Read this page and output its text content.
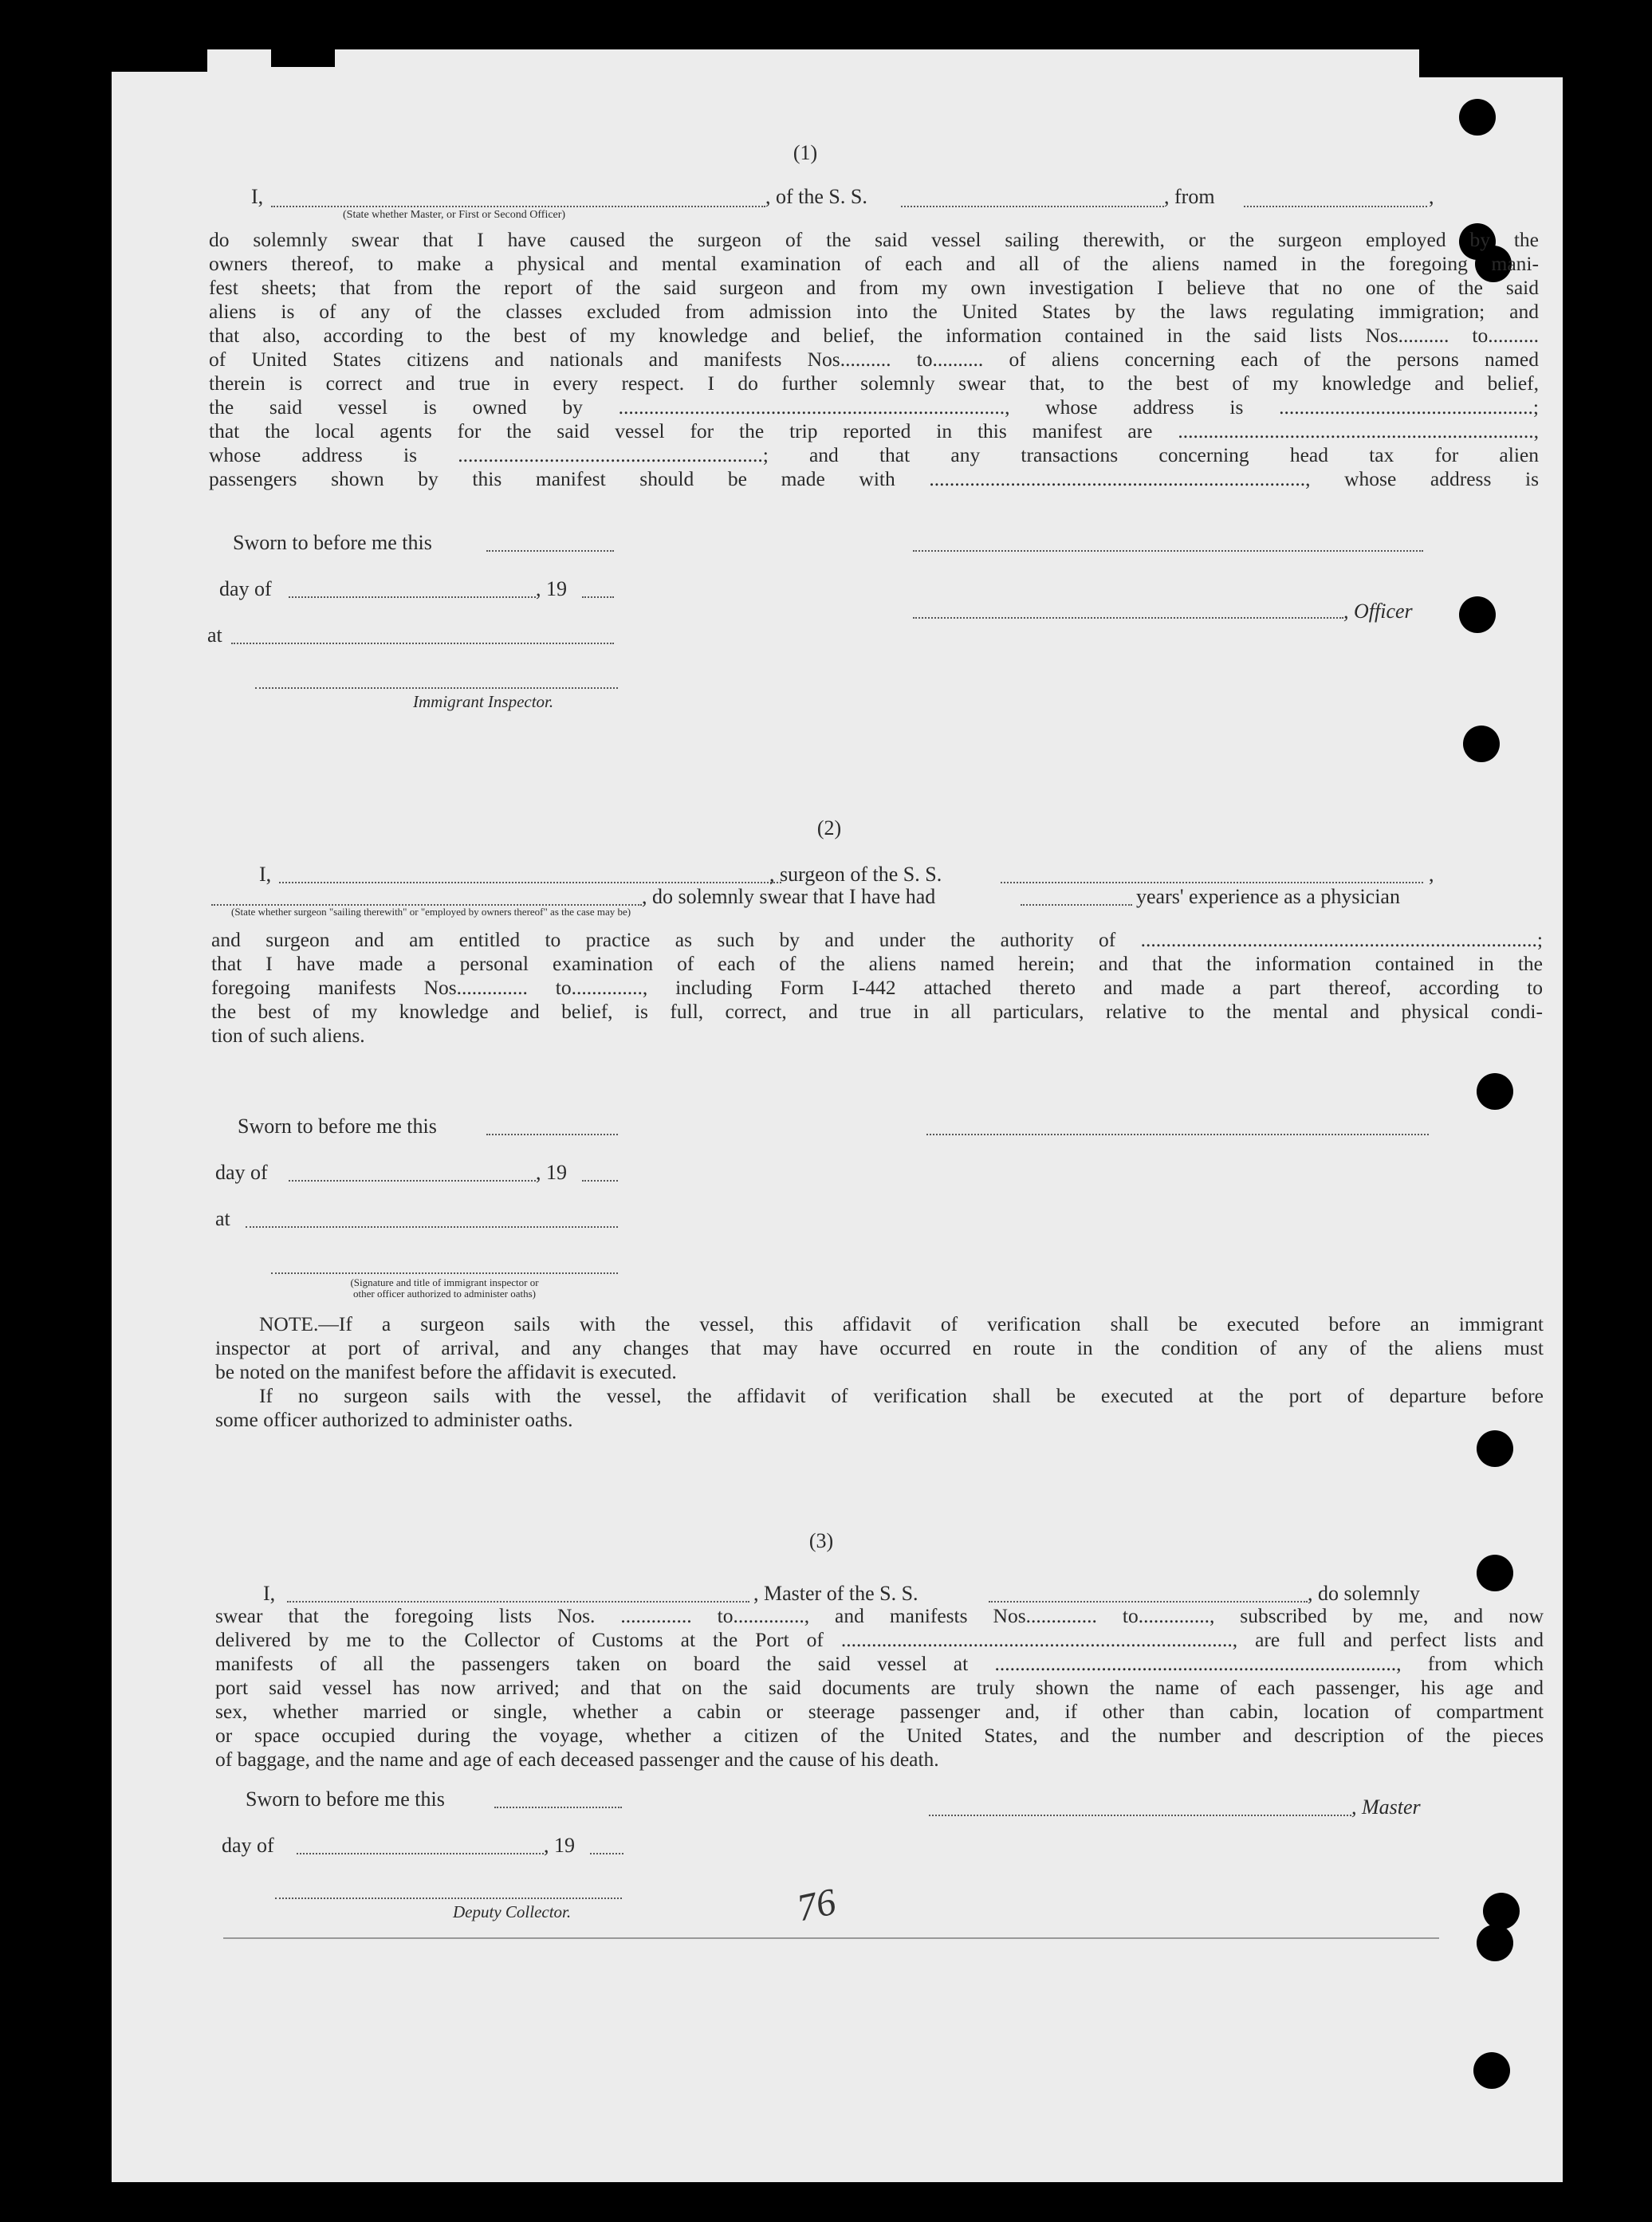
(1)
I,	, of the S. S.	, from	,
(State whether Master, or First or Second Officer)
do solemnly swear that I have caused the surgeon of the said vessel sailing therewith, or the surgeon employed by the
owners thereof, to make a physical and mental examination of each and all of the aliens named in the foregoing mani-
fest sheets; that from the report of the said surgeon and from my own investigation I believe that no one of the said
aliens is of any of the classes excluded from admission into the United States by the laws regulating immigration; and
that also, according to the best of my knowledge and belief, the information contained in the said lists Nos.......... to..........
of United States citizens and nationals and manifests Nos.......... to.......... of aliens concerning each of the persons named
therein is correct and true in every respect. I do further solemnly swear that, to the best of my knowledge and belief,
the said vessel is owned by ............................................................................, whose address is ..................................................;
that the local agents for the said vessel for the trip reported in this manifest are ......................................................................,
whose address is ............................................................; and that any transactions concerning head tax for alien
passengers shown by this manifest should be made with .........................................................................., whose address is
Sworn to before me this
day of	, 19
at
Immigrant Inspector.
, Officer
(2)
I,	, surgeon of the S. S.	,
, do solemnly swear that I have had	years' experience as a physician
(State whether surgeon "sailing therewith" or "employed by owners thereof" as the case may be)
and surgeon and am entitled to practice as such by and under the authority of ..............................................................................;
that I have made a personal examination of each of the aliens named herein; and that the information contained in the
foregoing manifests Nos.............. to.............., including Form I-442 attached thereto and made a part thereof, according to
the best of my knowledge and belief, is full, correct, and true in all particulars, relative to the mental and physical condi-
tion of such aliens.
Sworn to before me this
day of	, 19
at
(Signature and title of immigrant inspector or
other officer authorized to administer oaths)
NOTE.—If a surgeon sails with the vessel, this affidavit of verification shall be executed before an immigrant
inspector at port of arrival, and any changes that may have occurred en route in the condition of any of the aliens must
be noted on the manifest before the affidavit is executed.
If no surgeon sails with the vessel, the affidavit of verification shall be executed at the port of departure before
some officer authorized to administer oaths.
(3)
I,	, Master of the S. S.	, do solemnly
swear that the foregoing lists Nos. .............. to.............., and manifests Nos.............. to.............., subscribed by me, and now
delivered by me to the Collector of Customs at the Port of ............................................................................., are full and perfect lists and
manifests of all the passengers taken on board the said vessel at ..............................................................................., from which
port said vessel has now arrived; and that on the said documents are truly shown the name of each passenger, his age and
sex, whether married or single, whether a cabin or steerage passenger and, if other than cabin, location of compartment
or space occupied during the voyage, whether a citizen of the United States, and the number and description of the pieces
of baggage, and the name and age of each deceased passenger and the cause of his death.
Sworn to before me this
day of	, 19
Deputy Collector.
, Master
76
